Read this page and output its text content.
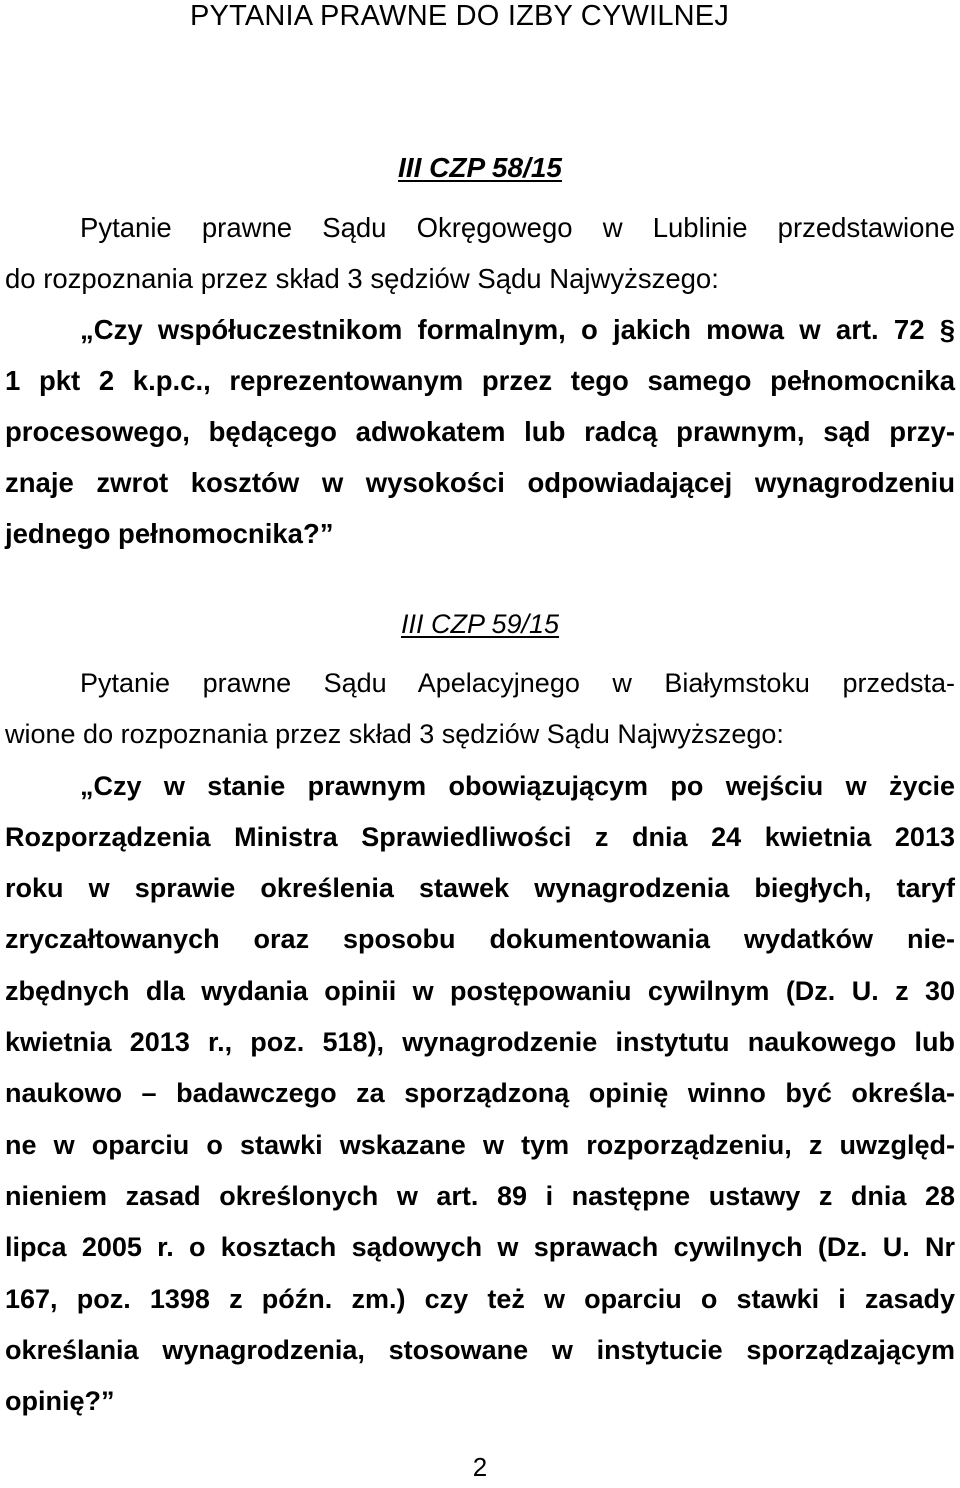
PYTANIA PRAWNE DO IZBY CYWILNEJ
III CZP 58/15
Pytanie prawne Sądu Okręgowego w Lublinie przedstawione
do rozpoznania przez skład 3 sędziów Sądu Najwyższego:
„Czy współuczestnikom formalnym, o jakich mowa w art. 72 §
1 pkt 2 k.p.c., reprezentowanym przez tego samego pełnomocnika
procesowego, będącego adwokatem lub radcą prawnym, sąd przy-
znaje zwrot kosztów w wysokości odpowiadającej wynagrodzeniu
jednego pełnomocnika?”
III CZP 59/15
Pytanie prawne Sądu Apelacyjnego w Białymstoku przedsta-
wione do rozpoznania przez skład 3 sędziów Sądu Najwyższego:
„Czy w stanie prawnym obowiązującym po wejściu w życie
Rozporządzenia Ministra Sprawiedliwości z dnia 24 kwietnia 2013
roku w sprawie określenia stawek wynagrodzenia biegłych, taryf
zryczałtowanych oraz sposobu dokumentowania wydatków nie-
zbędnych dla wydania opinii w postępowaniu cywilnym (Dz. U. z 30
kwietnia 2013 r., poz. 518), wynagrodzenie instytutu naukowego lub
naukowo – badawczego za sporządzoną opinię winno być określa-
ne w oparciu o stawki wskazane w tym rozporządzeniu, z uwzględ-
nieniem zasad określonych w art. 89 i następne ustawy z dnia 28
lipca 2005 r. o kosztach sądowych w sprawach cywilnych (Dz. U. Nr
167, poz. 1398 z późn. zm.) czy też w oparciu o stawki i zasady
określania wynagrodzenia, stosowane w instytucie sporządzającym
opinię?”
2
